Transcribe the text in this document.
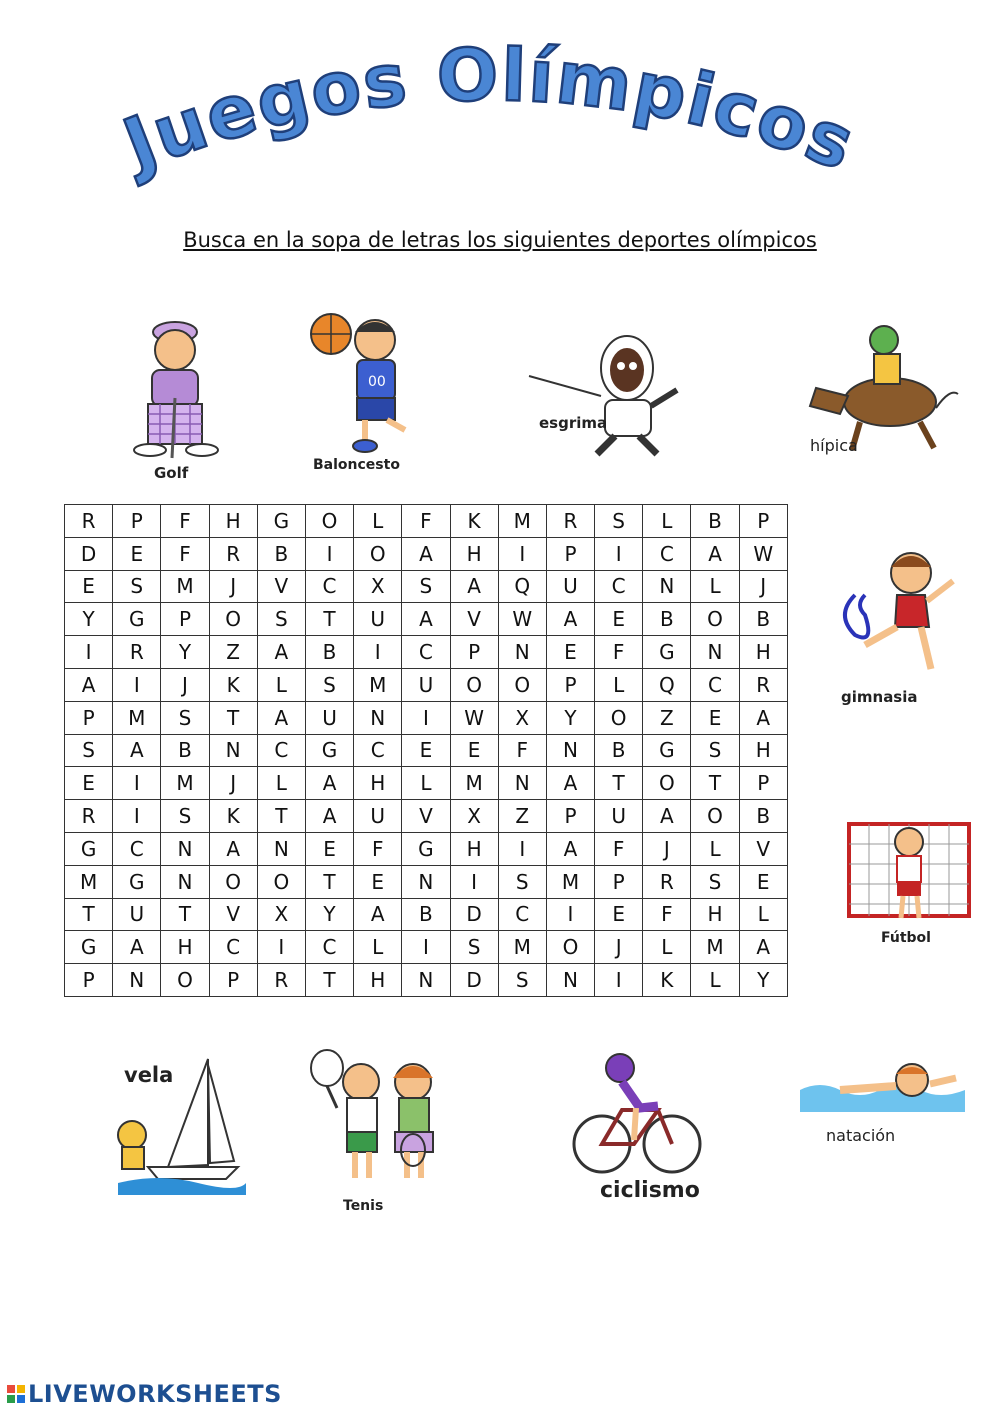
uegos Olímpicos
Busca en la sopa de letras los siguientes deportes olímpicos
Golf
00
Baloncesto
esgrima
hípica
gimnasia
Fútbol
R	P	F	H	G	O	L	F	K	M	R	S	L	B	P
D	E	F	R	B	I	O	A	H	I	P	I	C	A	W
E	S	M	J	V	C	X	S	A	Q	U	C	N	L	J
Y	G	P	O	S	T	U	A	V	W	A	E	B	O	B
I	R	Y	Z	A	B	I	C	P	N	E	F	G	N	H
A	I	J	K	L	S	M	U	O	O	P	L	Q	C	R
P	M	S	T	A	U	N	I	W	X	Y	O	Z	E	A
S	A	B	N	C	G	C	E	E	F	N	B	G	S	H
E	I	M	J	L	A	H	L	M	N	A	T	O	T	P
R	I	S	K	T	A	U	V	X	Z	P	U	A	O	B
G	C	N	A	N	E	F	G	H	I	A	F	J	L	V
M	G	N	O	O	T	E	N	I	S	M	P	R	S	E
T	U	T	V	X	Y	A	B	D	C	I	E	F	H	L
G	A	H	C	I	C	L	I	S	M	O	J	L	M	A
P	N	O	P	R	T	H	N	D	S	N	I	K	L	Y
vela
Tenis
ciclismo
natación
LIVEWORKSHEETS
